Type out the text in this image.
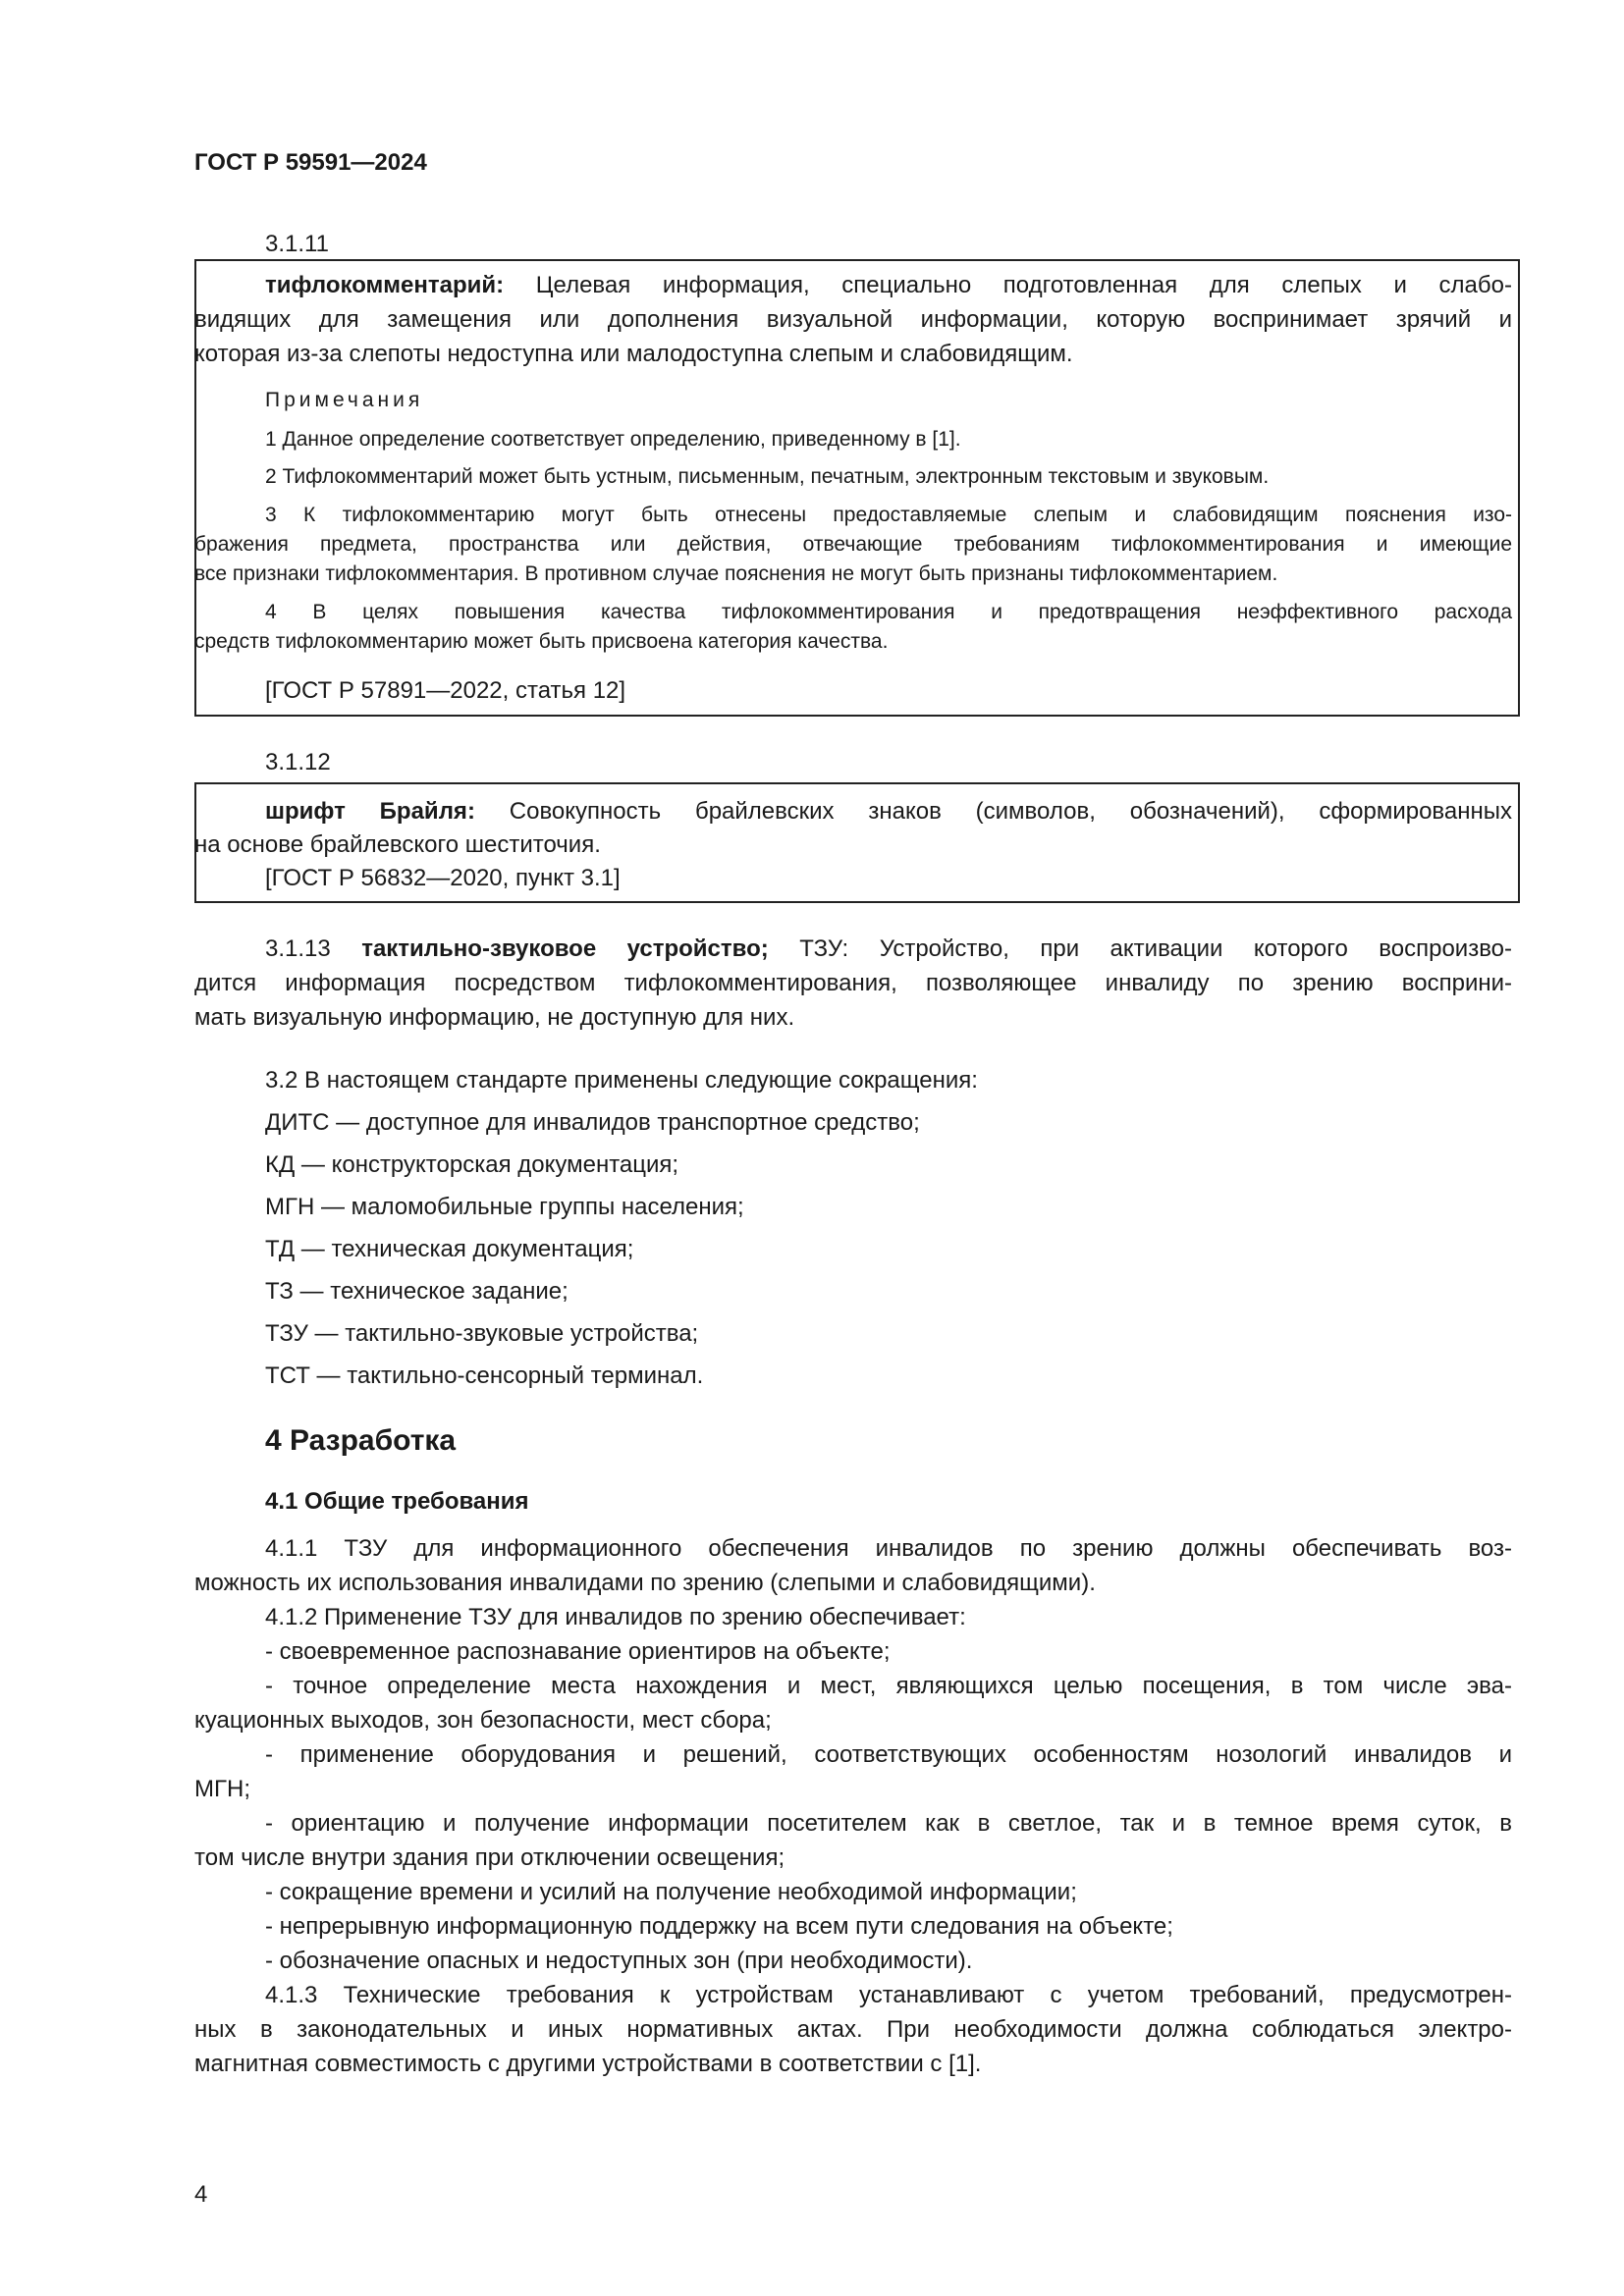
ГОСТ Р 59591—2024
3.1.11

тифлокомментарий: Целевая информация, специально подготовленная для слепых и слабо-

видящих для замещения или дополнения визуальной информации, которую воспринимает зрячий и

которая из-за слепоты недоступна или малодоступна слепым и слабовидящим.

Примечания

1 Данное определение соответствует определению, приведенному в [1].

2 Тифлокомментарий может быть устным, письменным, печатным, электронным текстовым и звуковым.

3 К тифлокомментарию могут быть отнесены предоставляемые слепым и слабовидящим пояснения изо-

бражения предмета, пространства или действия, отвечающие требованиям тифлокомментирования и имеющие

все признаки тифлокомментария. В противном случае пояснения не могут быть признаны тифлокомментарием.

4 В целях повышения качества тифлокомментирования и предотвращения неэффективного расхода

средств тифлокомментарию может быть присвоена категория качества.

[ГОСТ Р 57891—2022, статья 12]

3.1.12

шрифт Брайля: Совокупность брайлевских знаков (символов, обозначений), сформированных

на основе брайлевского шеститочия.

[ГОСТ Р 56832—2020, пункт 3.1]

3.1.13 тактильно-звуковое устройство; ТЗУ: Устройство, при активации которого воспроизво-

дится информация посредством тифлокомментирования, позволяющее инвалиду по зрению восприни-

мать визуальную информацию, не доступную для них.

3.2 В настоящем стандарте применены следующие сокращения:

ДИТС — доступное для инвалидов транспортное средство;

КД — конструкторская документация;

МГН — маломобильные группы населения;

ТД — техническая документация;

ТЗ — техническое задание;

ТЗУ — тактильно-звуковые устройства;

ТСТ — тактильно-сенсорный терминал.

4 Разработка
4.1 Общие требования

4.1.1 ТЗУ для информационного обеспечения инвалидов по зрению должны обеспечивать воз-

можность их использования инвалидами по зрению (слепыми и слабовидящими).

4.1.2 Применение ТЗУ для инвалидов по зрению обеспечивает:

- своевременное распознавание ориентиров на объекте;

- точное определение места нахождения и мест, являющихся целью посещения, в том числе эва-

куационных выходов, зон безопасности, мест сбора;

- применение оборудования и решений, соответствующих особенностям нозологий инвалидов и

МГН;

- ориентацию и получение информации посетителем как в светлое, так и в темное время суток, в

том числе внутри здания при отключении освещения;

- сокращение времени и усилий на получение необходимой информации;

- непрерывную информационную поддержку на всем пути следования на объекте;

- обозначение опасных и недоступных зон (при необходимости).

4.1.3 Технические требования к устройствам устанавливают с учетом требований, предусмотрен-

ных в законодательных и иных нормативных актах. При необходимости должна соблюдаться электро-

магнитная совместимость с другими устройствами в соответствии с [1].

4
